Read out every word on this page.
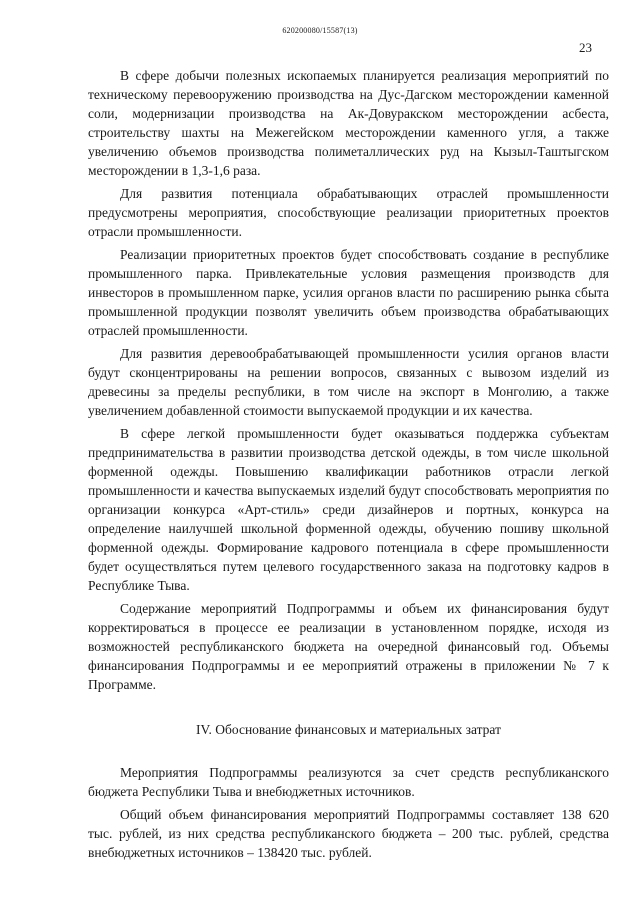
620200080/15587(13)
23

В сфере добычи полезных ископаемых планируется реализация мероприятий по техническому перевооружению производства на Дус-Дагском месторождении каменной соли, модернизации производства на Ак-Довуракском месторождении асбеста, строительству шахты на Межегейском месторождении каменного угля, а также увеличению объемов производства полиметаллических руд на Кызыл-Таштыгском месторождении в 1,3-1,6 раза.

Для развития потенциала обрабатывающих отраслей промышленности предусмотрены мероприятия, способствующие реализации приоритетных проектов отрасли промышленности.

Реализации приоритетных проектов будет способствовать создание в республике промышленного парка. Привлекательные условия размещения производств для инвесторов в промышленном парке, усилия органов власти по расширению рынка сбыта промышленной продукции позволят увеличить объем производства обрабатывающих отраслей промышленности.

Для развития деревообрабатывающей промышленности усилия органов власти будут сконцентрированы на решении вопросов, связанных с вывозом изделий из древесины за пределы республики, в том числе на экспорт в Монголию, а также увеличением добавленной стоимости выпускаемой продукции и их качества.

В сфере легкой промышленности будет оказываться поддержка субъектам предпринимательства в развитии производства детской одежды, в том числе школьной форменной одежды. Повышению квалификации работников отрасли легкой промышленности и качества выпускаемых изделий будут способствовать мероприятия по организации конкурса «Арт-стиль» среди дизайнеров и портных, конкурса на определение наилучшей школьной форменной одежды, обучению пошиву школьной форменной одежды. Формирование кадрового потенциала в сфере промышленности будет осуществляться путем целевого государственного заказа на подготовку кадров в Республике Тыва.

Содержание мероприятий Подпрограммы и объем их финансирования будут корректироваться в процессе ее реализации в установленном порядке, исходя из возможностей республиканского бюджета на очередной финансовый год. Объемы финансирования Подпрограммы и ее мероприятий отражены в приложении № 7 к Программе.

IV. Обоснование финансовых и материальных затрат

Мероприятия Подпрограммы реализуются за счет средств республиканского бюджета Республики Тыва и внебюджетных источников.

Общий объем финансирования мероприятий Подпрограммы составляет 138 620 тыс. рублей, из них средства республиканского бюджета – 200 тыс. рублей, средства внебюджетных источников – 138420 тыс. рублей.
